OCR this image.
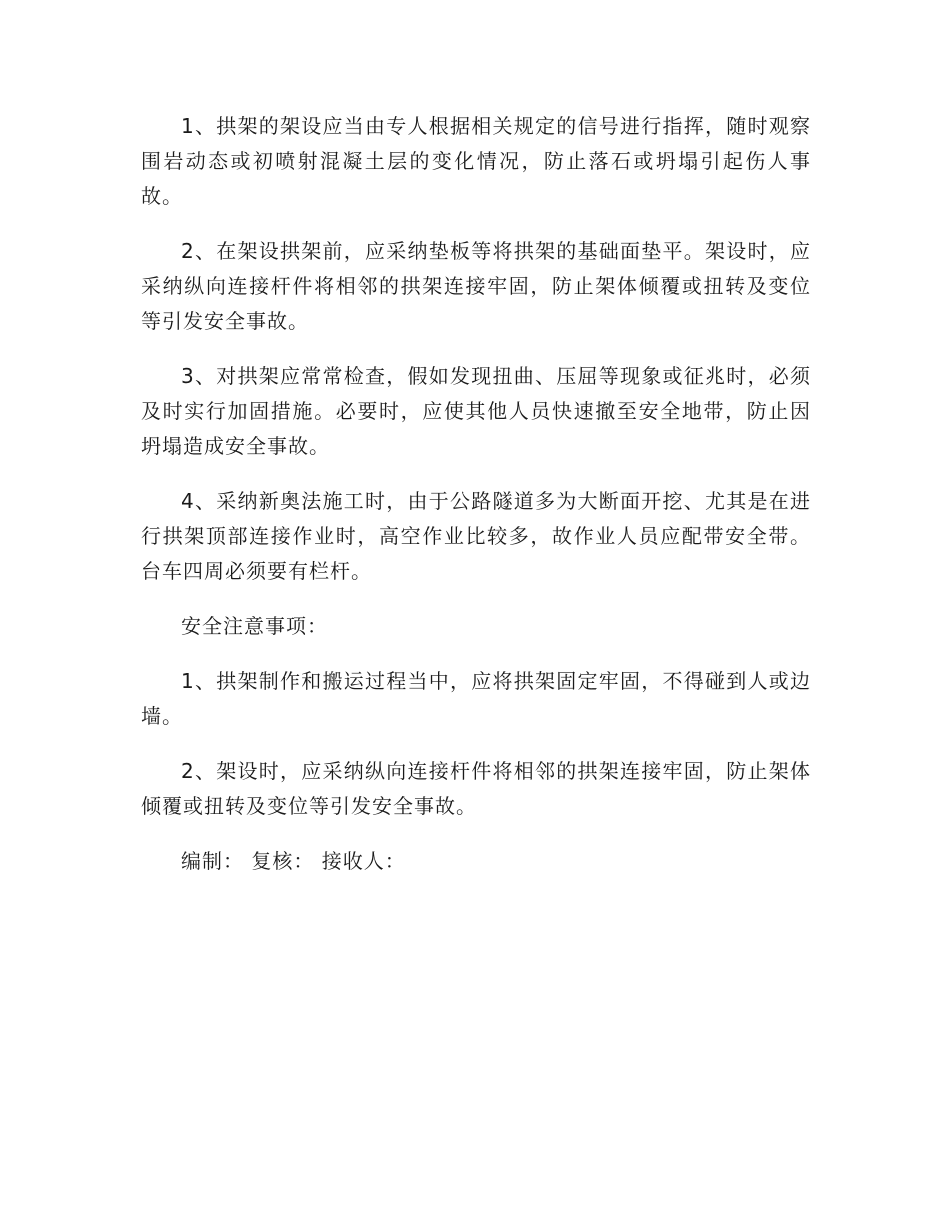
1、拱架的架设应当由专人根据相关规定的信号进行指挥，随时观察围岩动态或初喷射混凝土层的变化情况，防止落石或坍塌引起伤人事故。

2、在架设拱架前，应采纳垫板等将拱架的基础面垫平。架设时，应采纳纵向连接杆件将相邻的拱架连接牢固，防止架体倾覆或扭转及变位等引发安全事故。

3、对拱架应常常检查，假如发现扭曲、压屈等现象或征兆时，必须及时实行加固措施。必要时，应使其他人员快速撤至安全地带，防止因坍塌造成安全事故。

4、采纳新奥法施工时，由于公路隧道多为大断面开挖、尤其是在进行拱架顶部连接作业时，高空作业比较多，故作业人员应配带安全带。台车四周必须要有栏杆。

安全注意事项：

1、拱架制作和搬运过程当中，应将拱架固定牢固，不得碰到人或边墙。

2、架设时，应采纳纵向连接杆件将相邻的拱架连接牢固，防止架体倾覆或扭转及变位等引发安全事故。

编制： 复核： 接收人：
